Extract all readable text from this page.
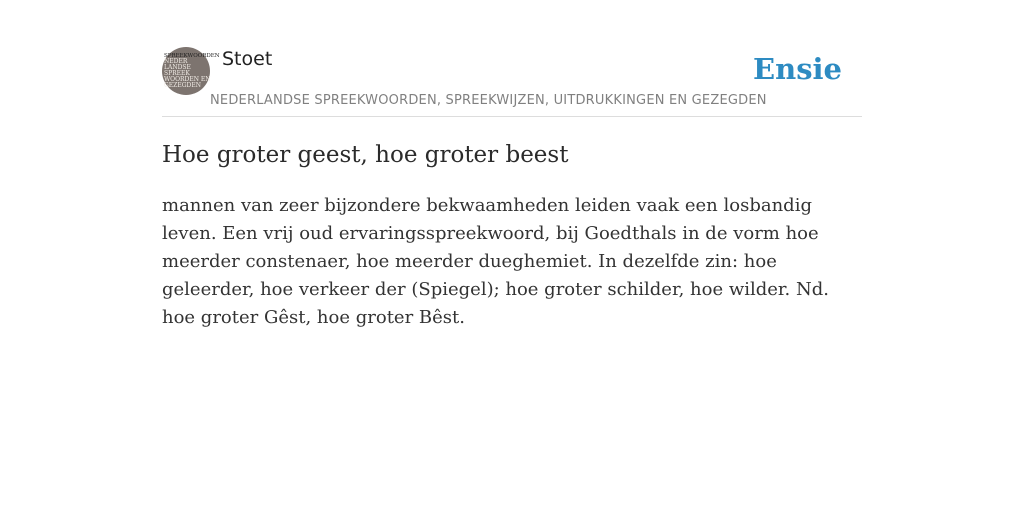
SPREEKWOORDEN
NEDER
LANDSE
SPREEK
WOORDEN EN
GEZEGDEN
Stoet
NEDERLANDSE SPREEKWOORDEN, SPREEKWIJZEN, UITDRUKKINGEN EN GEZEGDEN
Ensie
Hoe groter geest, hoe groter beest

mannen van zeer bijzondere bekwaamheden leiden vaak een losbandig leven. Een vrij oud ervaringsspreekwoord, bij Goedthals in de vorm hoe meerder constenaer, hoe meerder dueghemiet. In dezelfde zin: hoe geleerder, hoe verkeer der (Spiegel); hoe groter schilder, hoe wilder. Nd. hoe groter Gêst, hoe groter Bêst.
